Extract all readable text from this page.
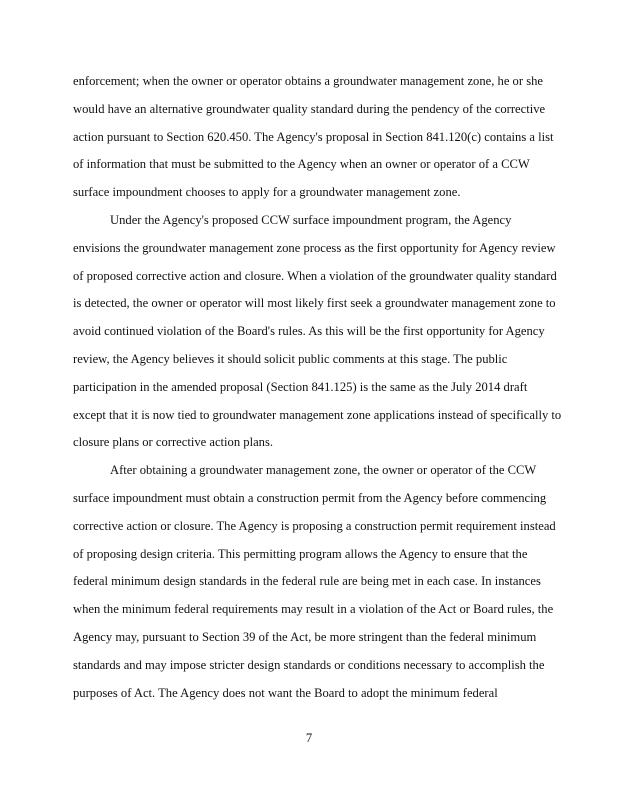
enforcement; when the owner or operator obtains a groundwater management zone, he or she
would have an alternative groundwater quality standard during the pendency of the corrective
action pursuant to Section 620.450. The Agency's proposal in Section 841.120(c) contains a list
of information that must be submitted to the Agency when an owner or operator of a CCW
surface impoundment chooses to apply for a groundwater management zone.

Under the Agency's proposed CCW surface impoundment program, the Agency
envisions the groundwater management zone process as the first opportunity for Agency review
of proposed corrective action and closure. When a violation of the groundwater quality standard
is detected, the owner or operator will most likely first seek a groundwater management zone to
avoid continued violation of the Board's rules. As this will be the first opportunity for Agency
review, the Agency believes it should solicit public comments at this stage. The public
participation in the amended proposal (Section 841.125) is the same as the July 2014 draft
except that it is now tied to groundwater management zone applications instead of specifically to
closure plans or corrective action plans.

After obtaining a groundwater management zone, the owner or operator of the CCW
surface impoundment must obtain a construction permit from the Agency before commencing
corrective action or closure. The Agency is proposing a construction permit requirement instead
of proposing design criteria. This permitting program allows the Agency to ensure that the
federal minimum design standards in the federal rule are being met in each case. In instances
when the minimum federal requirements may result in a violation of the Act or Board rules, the
Agency may, pursuant to Section 39 of the Act, be more stringent than the federal minimum
standards and may impose stricter design standards or conditions necessary to accomplish the
purposes of Act. The Agency does not want the Board to adopt the minimum federal

7
